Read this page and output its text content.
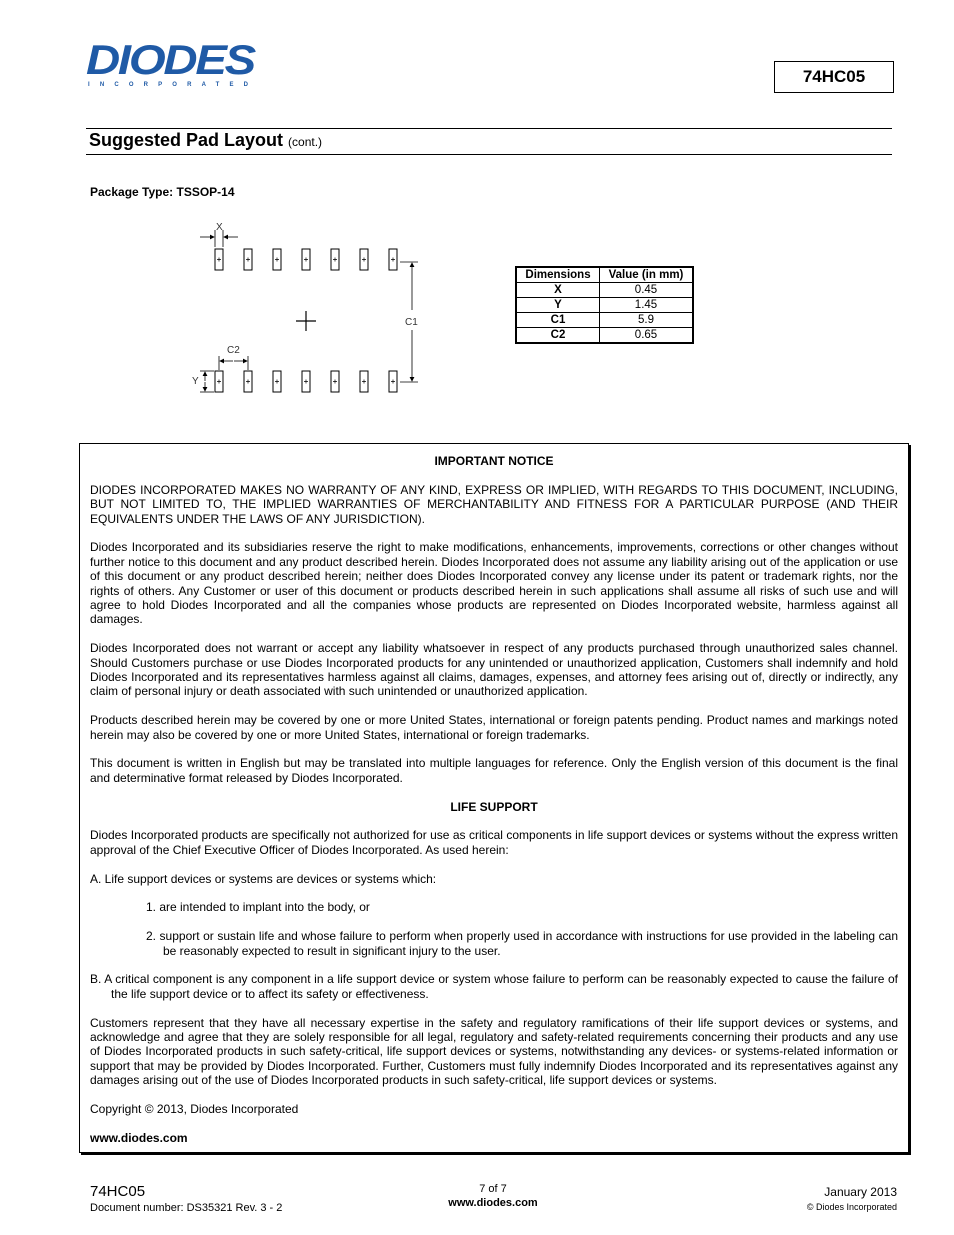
DIODES
INCORPORATED	74HC05
Suggested Pad Layout (cont.)
Package Type: TSSOP-14
X
C1
C2
Y
Dimensions	Value (in mm)
X	0.45
Y	1.45
C1	5.9
C2	0.65

IMPORTANT NOTICE

DIODES INCORPORATED MAKES NO WARRANTY OF ANY KIND, EXPRESS OR IMPLIED, WITH REGARDS TO THIS DOCUMENT, INCLUDING, BUT NOT LIMITED TO, THE IMPLIED WARRANTIES OF MERCHANTABILITY AND FITNESS FOR A PARTICULAR PURPOSE (AND THEIR EQUIVALENTS UNDER THE LAWS OF ANY JURISDICTION).

Diodes Incorporated and its subsidiaries reserve the right to make modifications, enhancements, improvements, corrections or other changes without further notice to this document and any product described herein. Diodes Incorporated does not assume any liability arising out of the application or use of this document or any product described herein; neither does Diodes Incorporated convey any license under its patent or trademark rights, nor the rights of others. Any Customer or user of this document or products described herein in such applications shall assume all risks of such use and will agree to hold Diodes Incorporated and all the companies whose products are represented on Diodes Incorporated website, harmless against all damages.

Diodes Incorporated does not warrant or accept any liability whatsoever in respect of any products purchased through unauthorized sales channel. Should Customers purchase or use Diodes Incorporated products for any unintended or unauthorized application, Customers shall indemnify and hold Diodes Incorporated and its representatives harmless against all claims, damages, expenses, and attorney fees arising out of, directly or indirectly, any claim of personal injury or death associated with such unintended or unauthorized application.

Products described herein may be covered by one or more United States, international or foreign patents pending. Product names and markings noted herein may also be covered by one or more United States, international or foreign trademarks.

This document is written in English but may be translated into multiple languages for reference. Only the English version of this document is the final and determinative format released by Diodes Incorporated.

LIFE SUPPORT

Diodes Incorporated products are specifically not authorized for use as critical components in life support devices or systems without the express written approval of the Chief Executive Officer of Diodes Incorporated. As used herein:

A. Life support devices or systems are devices or systems which:

1. are intended to implant into the body, or

2. support or sustain life and whose failure to perform when properly used in accordance with instructions for use provided in the labeling can be reasonably expected to result in significant injury to the user.

B. A critical component is any component in a life support device or system whose failure to perform can be reasonably expected to cause the failure of the life support device or to affect its safety or effectiveness.

Customers represent that they have all necessary expertise in the safety and regulatory ramifications of their life support devices or systems, and acknowledge and agree that they are solely responsible for all legal, regulatory and safety-related requirements concerning their products and any use of Diodes Incorporated products in such safety-critical, life support devices or systems, notwithstanding any devices- or systems-related information or support that may be provided by Diodes Incorporated. Further, Customers must fully indemnify Diodes Incorporated and its representatives against any damages arising out of the use of Diodes Incorporated products in such safety-critical, life support devices or systems.

Copyright © 2013, Diodes Incorporated

www.diodes.com

74HC05
Document number: DS35321 Rev. 3 - 2
7 of 7
www.diodes.com
January 2013
© Diodes Incorporated
